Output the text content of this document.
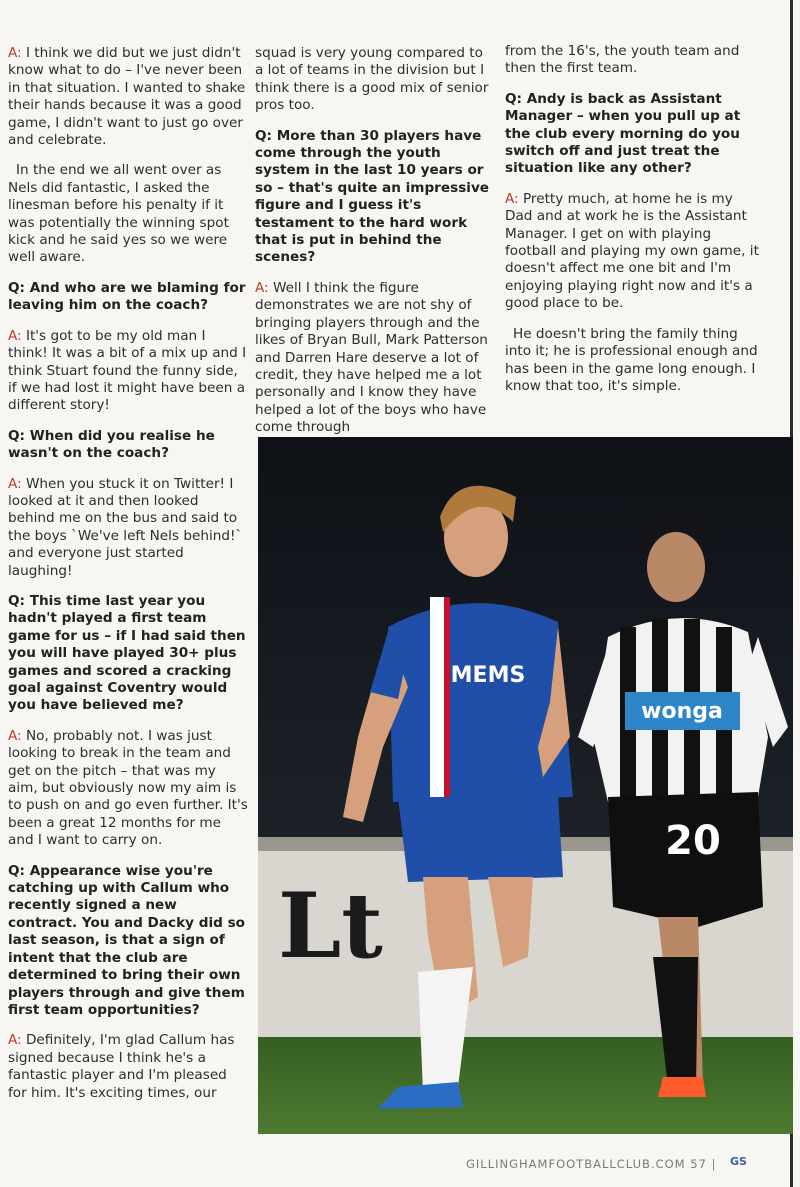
A: I think we did but we just didn't know what to do – I've never been in that situation. I wanted to shake their hands because it was a good game, I didn't want to just go over and celebrate.

In the end we all went over as Nels did fantastic, I asked the linesman before his penalty if it was potentially the winning spot kick and he said yes so we were well aware.

Q: And who are we blaming for leaving him on the coach?

A: It's got to be my old man I think! It was a bit of a mix up and I think Stuart found the funny side, if we had lost it might have been a different story!

Q: When did you realise he wasn't on the coach?

A: When you stuck it on Twitter! I looked at it and then looked behind me on the bus and said to the boys `We've left Nels behind!` and everyone just started laughing!

Q: This time last year you hadn't played a first team game for us – if I had said then you will have played 30+ plus games and scored a cracking goal against Coventry would you have believed me?

A: No, probably not. I was just looking to break in the team and get on the pitch – that was my aim, but obviously now my aim is to push on and go even further. It's been a great 12 months for me and I want to carry on.

Q: Appearance wise you're catching up with Callum who recently signed a new contract. You and Dacky did so last season, is that a sign of intent that the club are determined to bring their own players through and give them first team opportunities?

A: Definitely, I'm glad Callum has signed because I think he's a fantastic player and I'm pleased for him. It's exciting times, our

squad is very young compared to a lot of teams in the division but I think there is a good mix of senior pros too.

Q: More than 30 players have come through the youth system in the last 10 years or so – that's quite an impressive figure and I guess it's testament to the hard work that is put in behind the scenes?

A: Well I think the figure demonstrates we are not shy of bringing players through and the likes of Bryan Bull, Mark Patterson and Darren Hare deserve a lot of credit, they have helped me a lot personally and I know they have helped a lot of the boys who have come through

from the 16's, the youth team and then the first team.

Q: Andy is back as Assistant Manager – when you pull up at the club every morning do you switch off and just treat the situation like any other?

A: Pretty much, at home he is my Dad and at work he is the Assistant Manager. I get on with playing football and playing my own game, it doesn't affect me one bit and I'm enjoying playing right now and it's a good place to be.

He doesn't bring the family thing into it; he is professional enough and has been in the game long enough. I know that too, it's simple.

Lt
wonga
20
MEMS
GILLINGHAMFOOTBALLCLUB.COM 57 | GS
